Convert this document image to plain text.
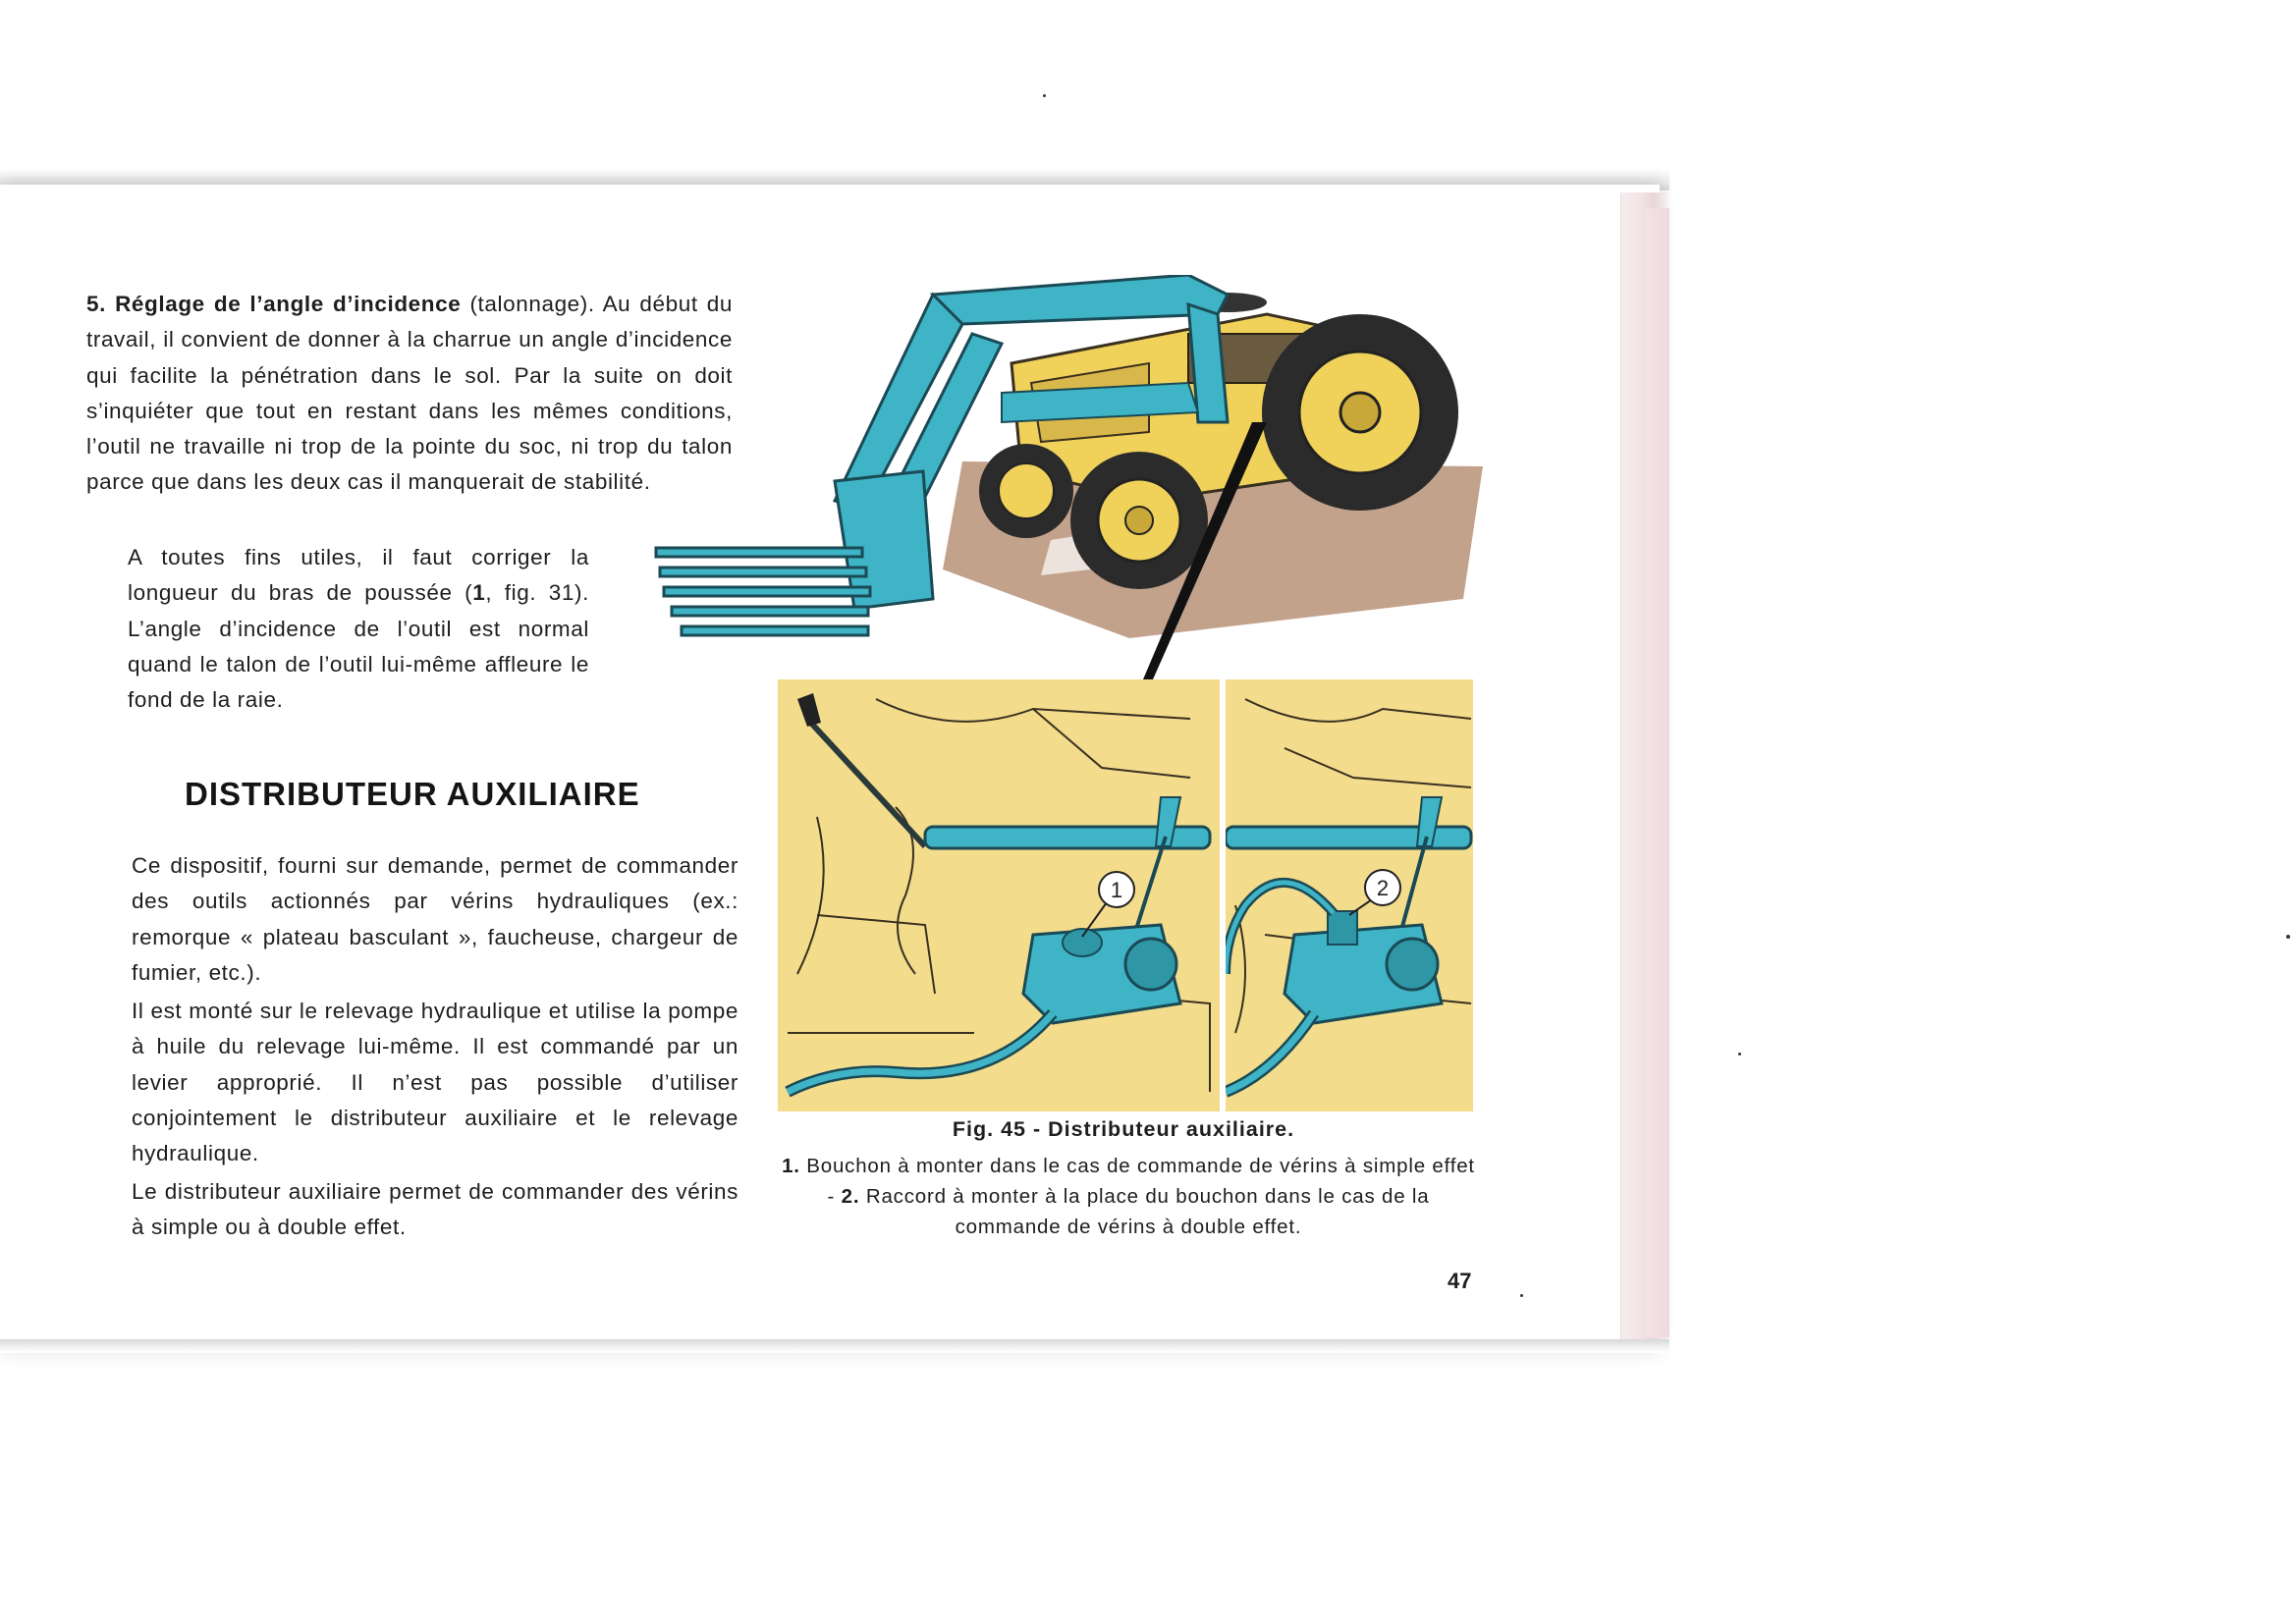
5. Réglage de l’angle d’incidence (talonnage). Au début du travail, il convient de donner à la charrue un angle d’incidence qui facilite la pénétration dans le sol. Par la suite on doit s’inquiéter que tout en restant dans les mêmes conditions, l’outil ne travaille ni trop de la pointe du soc, ni trop du talon parce que dans les deux cas il manquerait de stabilité.

A toutes fins utiles, il faut corriger la longueur du bras de poussée (1, fig. 31). L’angle d’incidence de l’outil est normal quand le talon de l’outil lui-même affleure le fond de la raie.

DISTRIBUTEUR AUXILIAIRE

Ce dispositif, fourni sur demande, permet de commander des outils actionnés par vérins hydrauliques (ex.: remorque « plateau basculant », faucheuse, chargeur de fumier, etc.).

Il est monté sur le relevage hydraulique et utilise la pompe à huile du relevage lui-même. Il est commandé par un levier approprié. Il n’est pas possible d’utiliser conjointement le distributeur auxiliaire et le relevage hydraulique.

Le distributeur auxiliaire permet de commander des vérins à simple ou à double effet.

1	2

Fig. 45 - Distributeur auxiliaire.

1. Bouchon à monter dans le cas de commande de vérins à simple effet - 2. Raccord à monter à la place du bouchon dans le cas de la commande de vérins à double effet.

47
